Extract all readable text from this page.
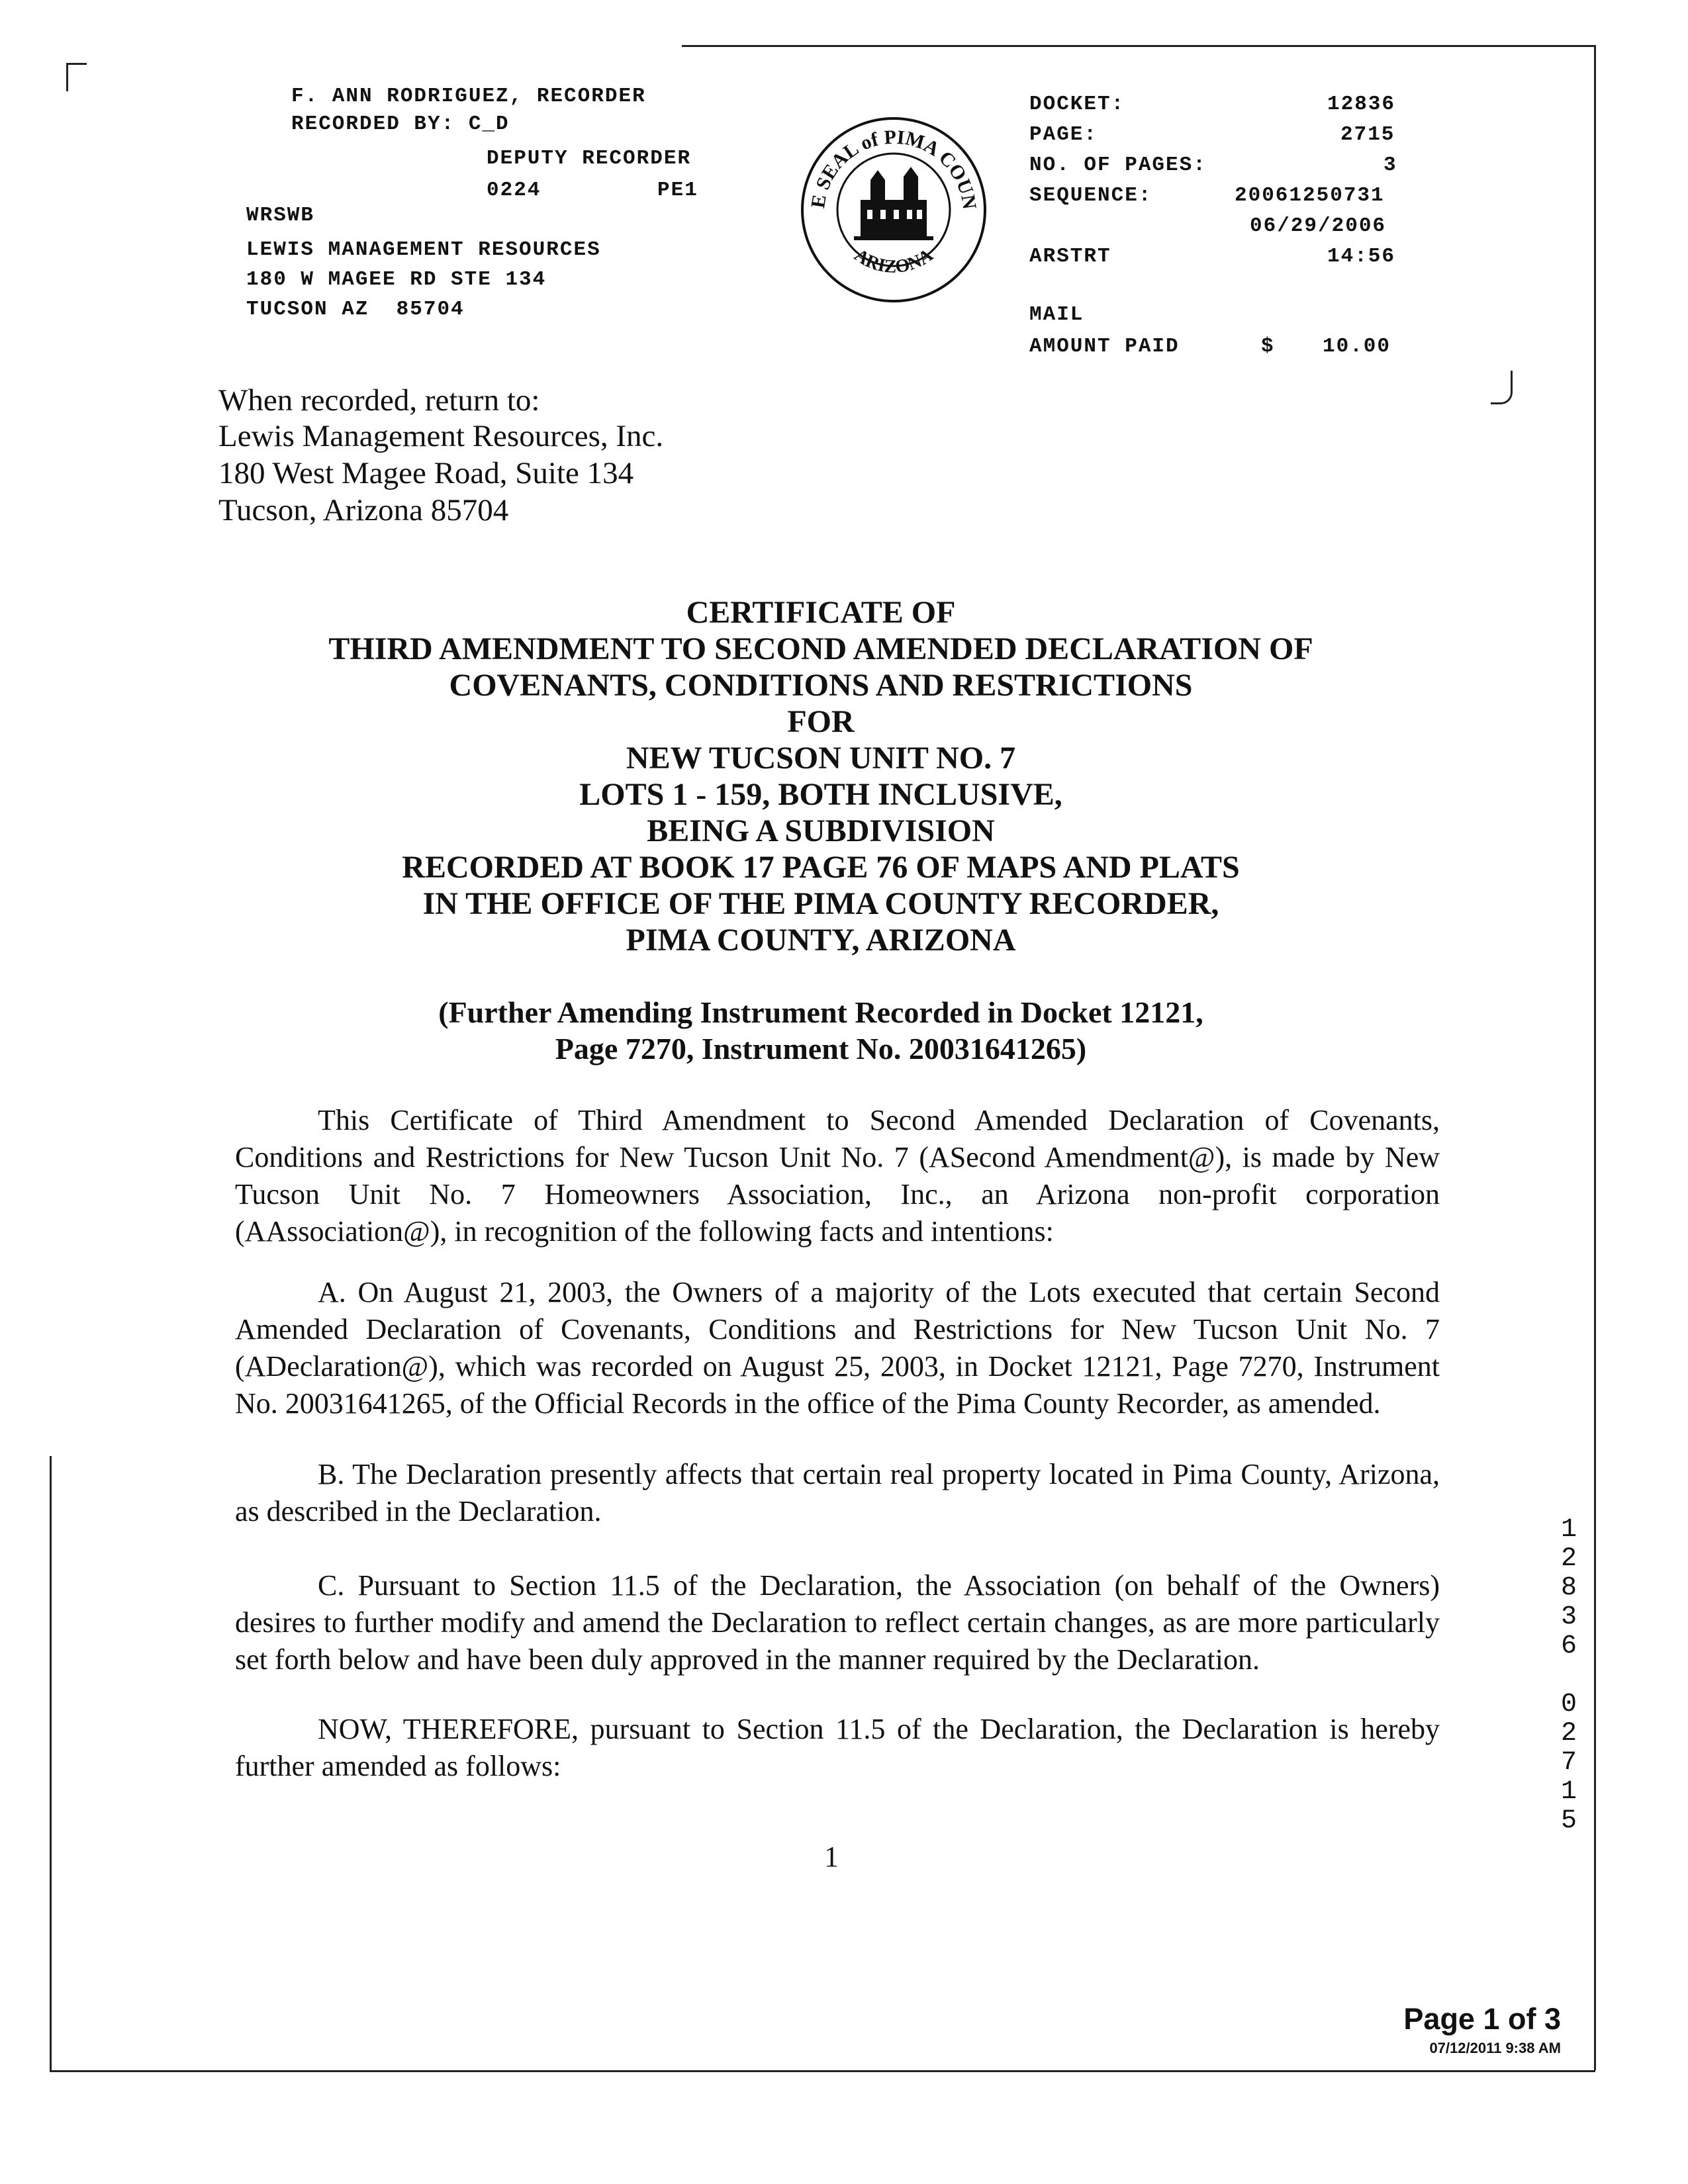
F. ANN RODRIGUEZ, RECORDER
RECORDED BY: C_D
DEPUTY RECORDER
0224	PE1
WRSWB
LEWIS MANAGEMENT RESOURCES
180 W MAGEE RD STE 134
TUCSON AZ  85704
DOCKET:	12836
PAGE:	2715
NO. OF PAGES:	3
SEQUENCE:	20061250731
06/29/2006
ARSTRT	14:56
MAIL
AMOUNT PAID	$ 10.00
E SEAL of PIMA COUN
ARIZONA
When recorded, return to:
Lewis Management Resources, Inc.
180 West Magee Road, Suite 134
Tucson, Arizona 85704
CERTIFICATE OF
THIRD AMENDMENT TO SECOND AMENDED DECLARATION OF
COVENANTS, CONDITIONS AND RESTRICTIONS
FOR
NEW TUCSON UNIT NO. 7
LOTS 1 - 159, BOTH INCLUSIVE,
BEING A SUBDIVISION
RECORDED AT BOOK 17 PAGE 76 OF MAPS AND PLATS
IN THE OFFICE OF THE PIMA COUNTY RECORDER,
PIMA COUNTY, ARIZONA
(Further Amending Instrument Recorded in Docket 12121,
Page 7270, Instrument No. 20031641265)
This Certificate of Third Amendment to Second Amended Declaration of Covenants, Conditions and Restrictions for New Tucson Unit No. 7 (ASecond Amendment@), is made by New Tucson Unit No. 7 Homeowners Association, Inc., an Arizona non-profit corporation (AAssociation@), in recognition of the following facts and intentions:
A. On August 21, 2003, the Owners of a majority of the Lots executed that certain Second Amended Declaration of Covenants, Conditions and Restrictions for New Tucson Unit No. 7 (ADeclaration@), which was recorded on August 25, 2003, in Docket 12121, Page 7270, Instrument No. 20031641265, of the Official Records in the office of the Pima County Recorder, as amended.
B. The Declaration presently affects that certain real property located in Pima County, Arizona, as described in the Declaration.
C. Pursuant to Section 11.5 of the Declaration, the Association (on behalf of the Owners) desires to further modify and amend the Declaration to reflect certain changes, as are more particularly set forth below and have been duly approved in the manner required by the Declaration.
NOW, THEREFORE, pursuant to Section 11.5 of the Declaration, the Declaration is hereby further amended as follows:
1
1
2
8
3
6
0
2
7
1
5
Page 1 of 3
07/12/2011 9:38 AM
